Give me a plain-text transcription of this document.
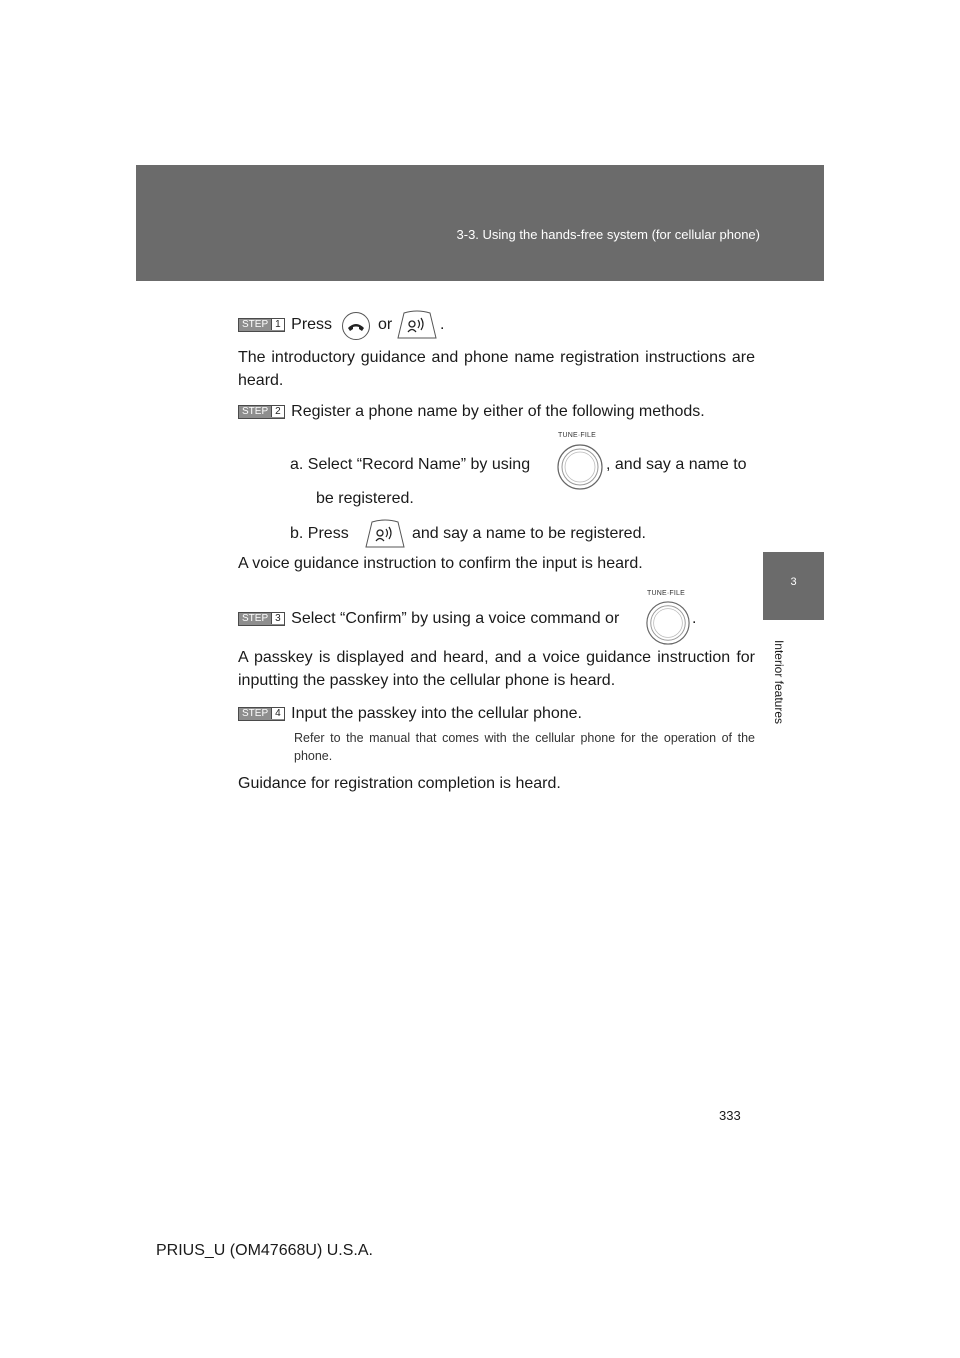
3-3. Using the hands-free system (for cellular phone)
3
Interior features
STEP 1 Press	or	.
The introductory guidance and phone name registration instructions are heard.
STEP 2 Register a phone name by either of the following methods.
TUNE·FILE
a. Select “Record Name” by using	, and say a name to
be registered.
b. Press	and say a name to be registered.
A voice guidance instruction to confirm the input is heard.
TUNE·FILE
STEP 3 Select “Confirm” by using a voice command or	.
A passkey is displayed and heard, and a voice guidance instruction for inputting the passkey into the cellular phone is heard.
STEP 4 Input the passkey into the cellular phone.
Refer to the manual that comes with the cellular phone for the operation of the phone.
Guidance for registration completion is heard.
333
PRIUS_U (OM47668U) U.S.A.
